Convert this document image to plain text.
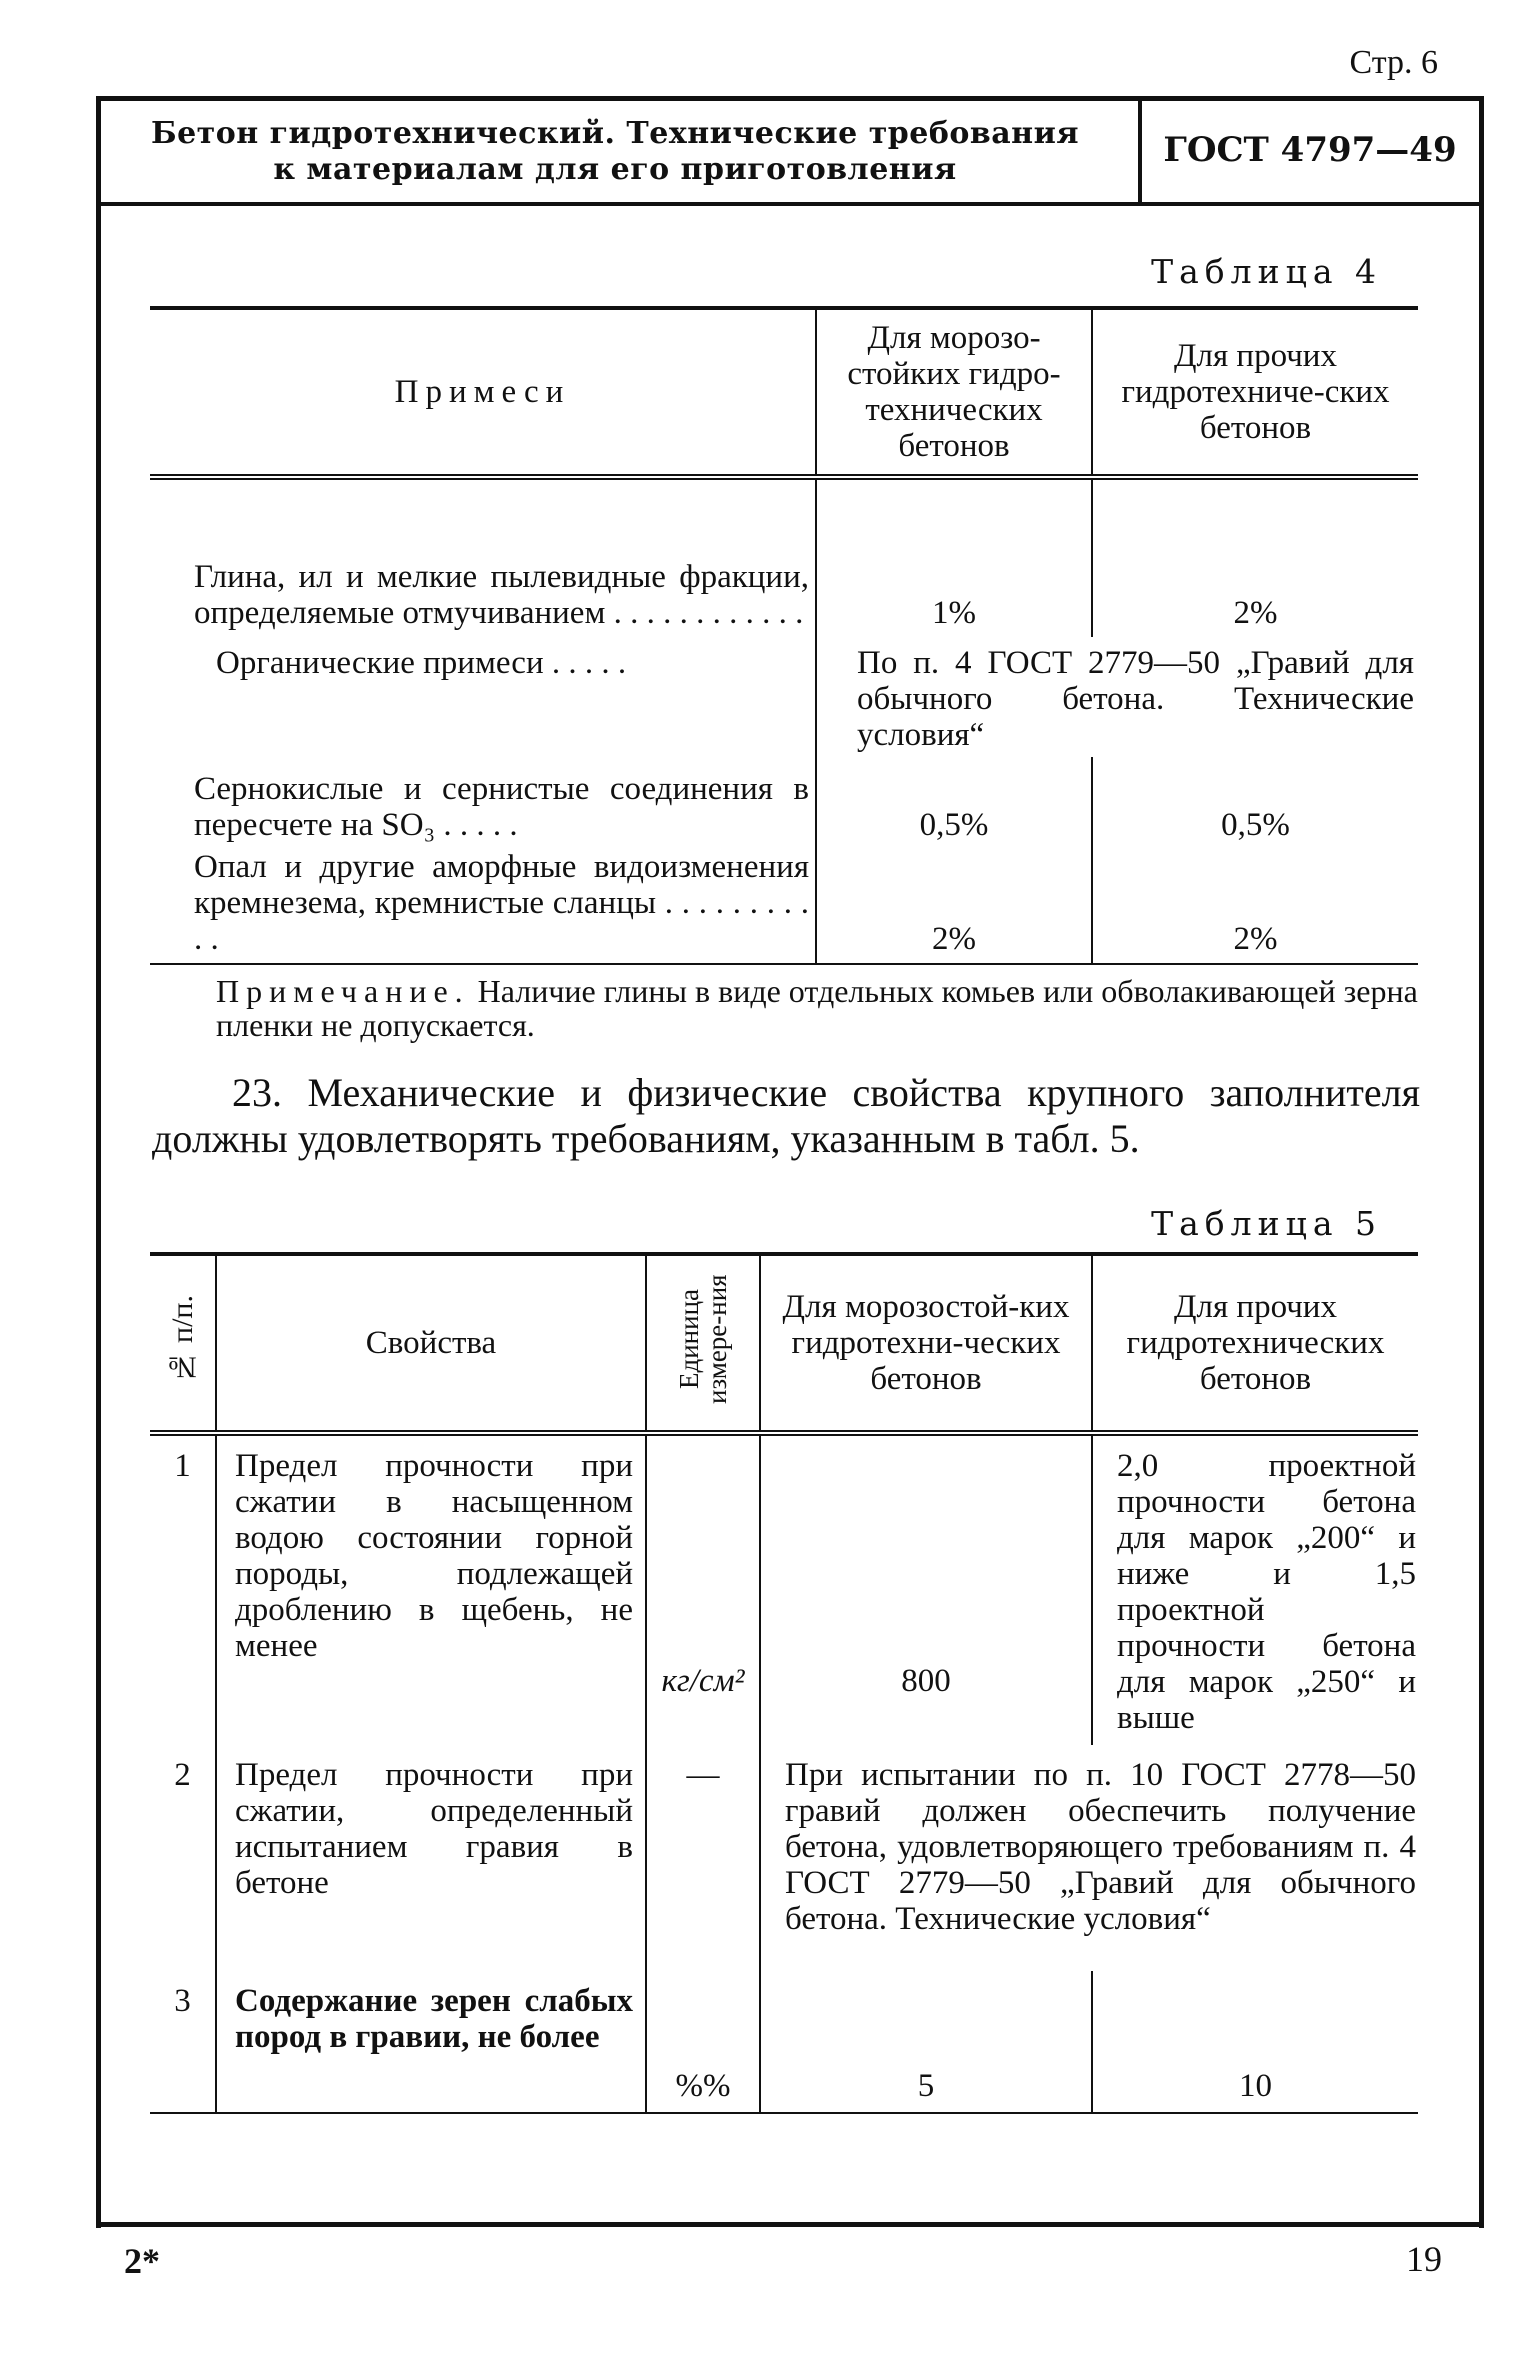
Стр. 6
Бетон гидротехнический. Технические требования
к материалам для его приготовления	ГОСТ 4797—49
Таблица 4
Примеси	Для морозо-стойких гидро-технических бетонов	Для прочих гидротехниче-ских бетонов
Глина, ил и мелкие пылевидные фракции, определяемые отмучиванием . . . . . . . . . . . .	1%	2%
Органические примеси . . . . .	По п. 4 ГОСТ 2779—50 „Гравий для обычного бетона. Технические условия“	
Сернокислые и сернистые соединения в пересчете на SO₃ . . . . .	0,5%	0,5%
Опал и другие аморфные видоизменения кремнезема, кремнистые сланцы . . . . . . . . . . .	2%	2%
Примечание. Наличие глины в виде отдельных комьев или обволакивающей зерна пленки не допускается.
23. Механические и физические свойства крупного заполнителя должны удовлетворять требованиям, указанным в табл. 5.
Таблица 5
№ п/п.	Свойства	Единица измере-ния	Для морозостой-ких гидротехни-ческих бетонов	Для прочих гидротехнических бетонов
1	Предел прочности при сжатии в насыщенном водою состоянии горной породы, подлежащей дроблению в щебень, не менее	кг/см²	800	2,0 проектной прочности бетона для марок „200“ и ниже и 1,5 проектной прочности бетона для марок „250“ и выше
2	Предел прочности при сжатии, определенный испытанием гравия в бетоне	—	При испытании по п. 10 ГОСТ 2778—50 гравий должен обеспечить получение бетона, удовлетворяющего требованиям п. 4 ГОСТ 2779—50 „Гравий для обычного бетона. Технические условия“	
3	Содержание зерен слабых пород в гравии, не более	%%	5	10
2*	19
